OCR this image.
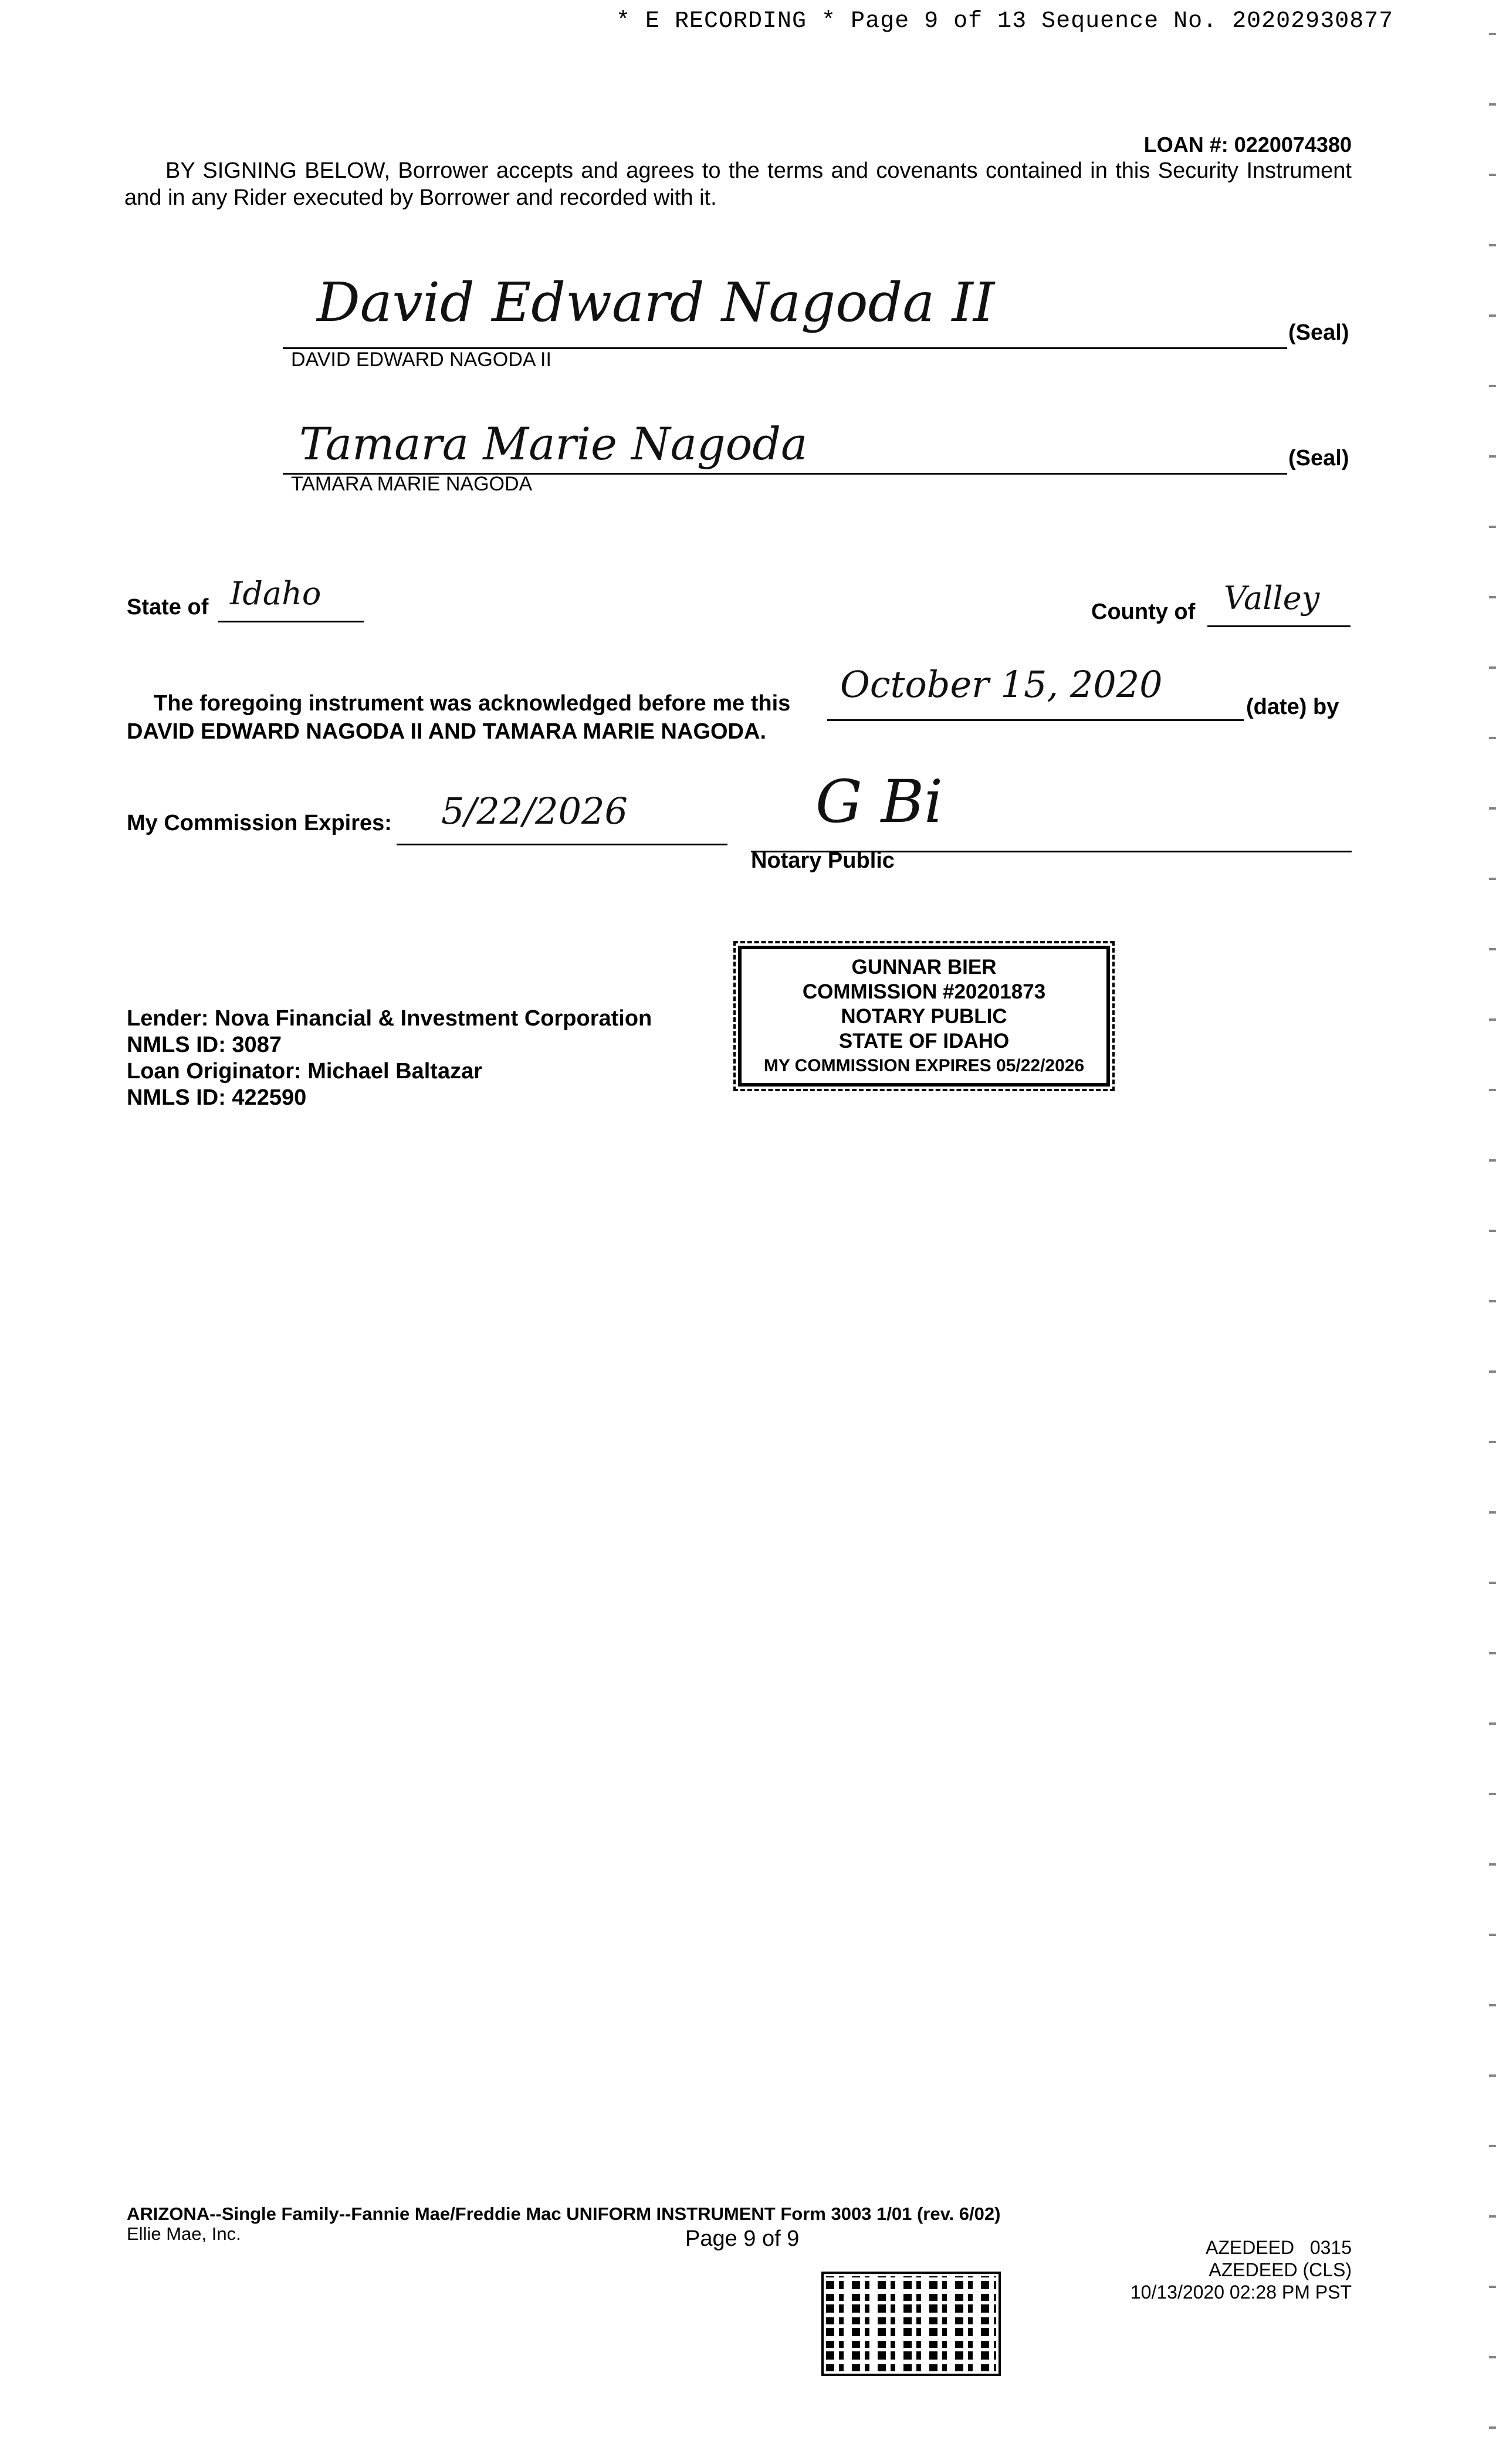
* E RECORDING * Page 9 of 13 Sequence No. 20202930877
LOAN #: 0220074380
BY SIGNING BELOW, Borrower accepts and agrees to the terms and covenants contained in this Security Instrument and in any Rider executed by Borrower and recorded with it.
David Edward Nagoda II
DAVID EDWARD NAGODA II
(Seal)
Tamara Marie Nagoda
TAMARA MARIE NAGODA
(Seal)
State of Idaho	County of Valley
The foregoing instrument was acknowledged before me this October 15, 2020
(date) by
DAVID EDWARD NAGODA II AND TAMARA MARIE NAGODA.
My Commission Expires: 5/22/2026	G Bi
Notary Public
GUNNAR BIER
COMMISSION #20201873
NOTARY PUBLIC
STATE OF IDAHO
MY COMMISSION EXPIRES 05/22/2026
Lender: Nova Financial & Investment Corporation
NMLS ID: 3087
Loan Originator: Michael Baltazar
NMLS ID: 422590
ARIZONA--Single Family--Fannie Mae/Freddie Mac UNIFORM INSTRUMENT Form 3003 1/01 (rev. 6/02)
Ellie Mae, Inc.	Page 9 of 9	AZEDEED   0315
AZEDEED (CLS)
10/13/2020 02:28 PM PST
